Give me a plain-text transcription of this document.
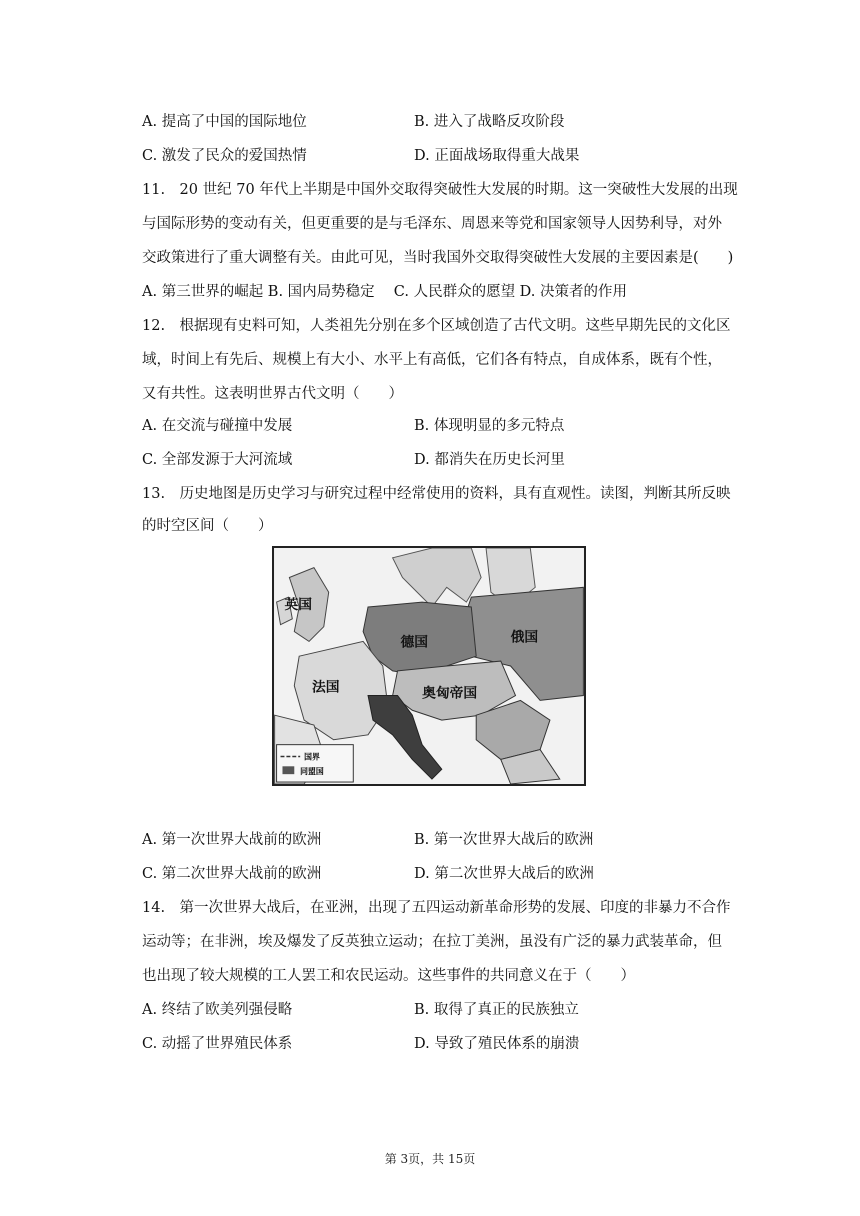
A. 提高了中国的国际地位	B. 进入了战略反攻阶段
C. 激发了民众的爱国热情	D. 正面战场取得重大战果
11.　20 世纪 70 年代上半期是中国外交取得突破性大发展的时期。这一突破性大发展的出现
与国际形势的变动有关，但更重要的是与毛泽东、周恩来等党和国家领导人因势利导，对外
交政策进行了重大调整有关。由此可见，当时我国外交取得突破性大发展的主要因素是(　　)
A. 第三世界的崛起 B. 国内局势稳定　 C. 人民群众的愿望 D. 决策者的作用
12.　根据现有史料可知，人类祖先分别在多个区域创造了古代文明。这些早期先民的文化区
域，时间上有先后、规模上有大小、水平上有高低，它们各有特点，自成体系，既有个性，
又有共性。这表明世界古代文明（　　）
A. 在交流与碰撞中发展	B. 体现明显的多元特点
C. 全部发源于大河流域	D. 都消失在历史长河里
13.　历史地图是历史学习与研究过程中经常使用的资料，具有直观性。读图，判断其所反映
的时空区间（　　）
国界
同盟国
英国
德国	俄国
法国	奥匈帝国
A. 第一次世界大战前的欧洲	B. 第一次世界大战后的欧洲
C. 第二次世界大战前的欧洲	D. 第二次世界大战后的欧洲
14.　第一次世界大战后，在亚洲，出现了五四运动新革命形势的发展、印度的非暴力不合作
运动等；在非洲，埃及爆发了反英独立运动；在拉丁美洲，虽没有广泛的暴力武装革命，但
也出现了较大规模的工人罢工和农民运动。这些事件的共同意义在于（　　）
A. 终结了欧美列强侵略	B. 取得了真正的民族独立
C. 动摇了世界殖民体系	D. 导致了殖民体系的崩溃
第 3页，共 15页
